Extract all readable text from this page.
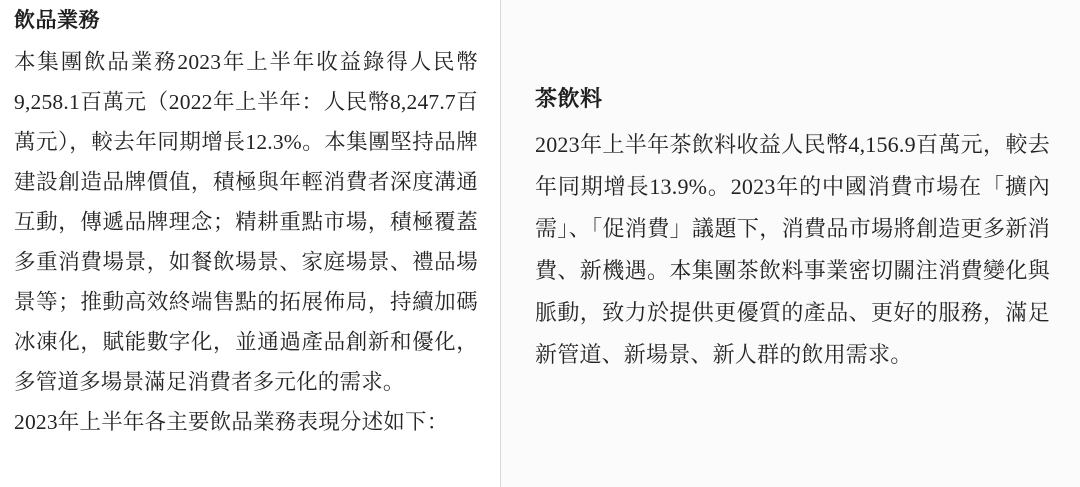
飲品業務

本集團飲品業務2023年上半年收益錄得人民幣9,258.1百萬元（2022年上半年：人民幣8,247.7百萬元），較去年同期增長12.3%。本集團堅持品牌建設創造品牌價值，積極與年輕消費者深度溝通互動，傳遞品牌理念；精耕重點市場，積極覆蓋多重消費場景，如餐飲場景、家庭場景、禮品場景等；推動高效終端售點的拓展佈局，持續加碼冰凍化，賦能數字化，並通過產品創新和優化，多管道多場景滿足消費者多元化的需求。

2023年上半年各主要飲品業務表現分述如下：

茶飲料

2023年上半年茶飲料收益人民幣4,156.9百萬元，較去年同期增長13.9%。2023年的中國消費市場在「擴內需」、「促消費」議題下，消費品市場將創造更多新消費、新機遇。本集團茶飲料事業密切關注消費變化與脈動，致力於提供更優質的產品、更好的服務，滿足新管道、新場景、新人群的飲用需求。
